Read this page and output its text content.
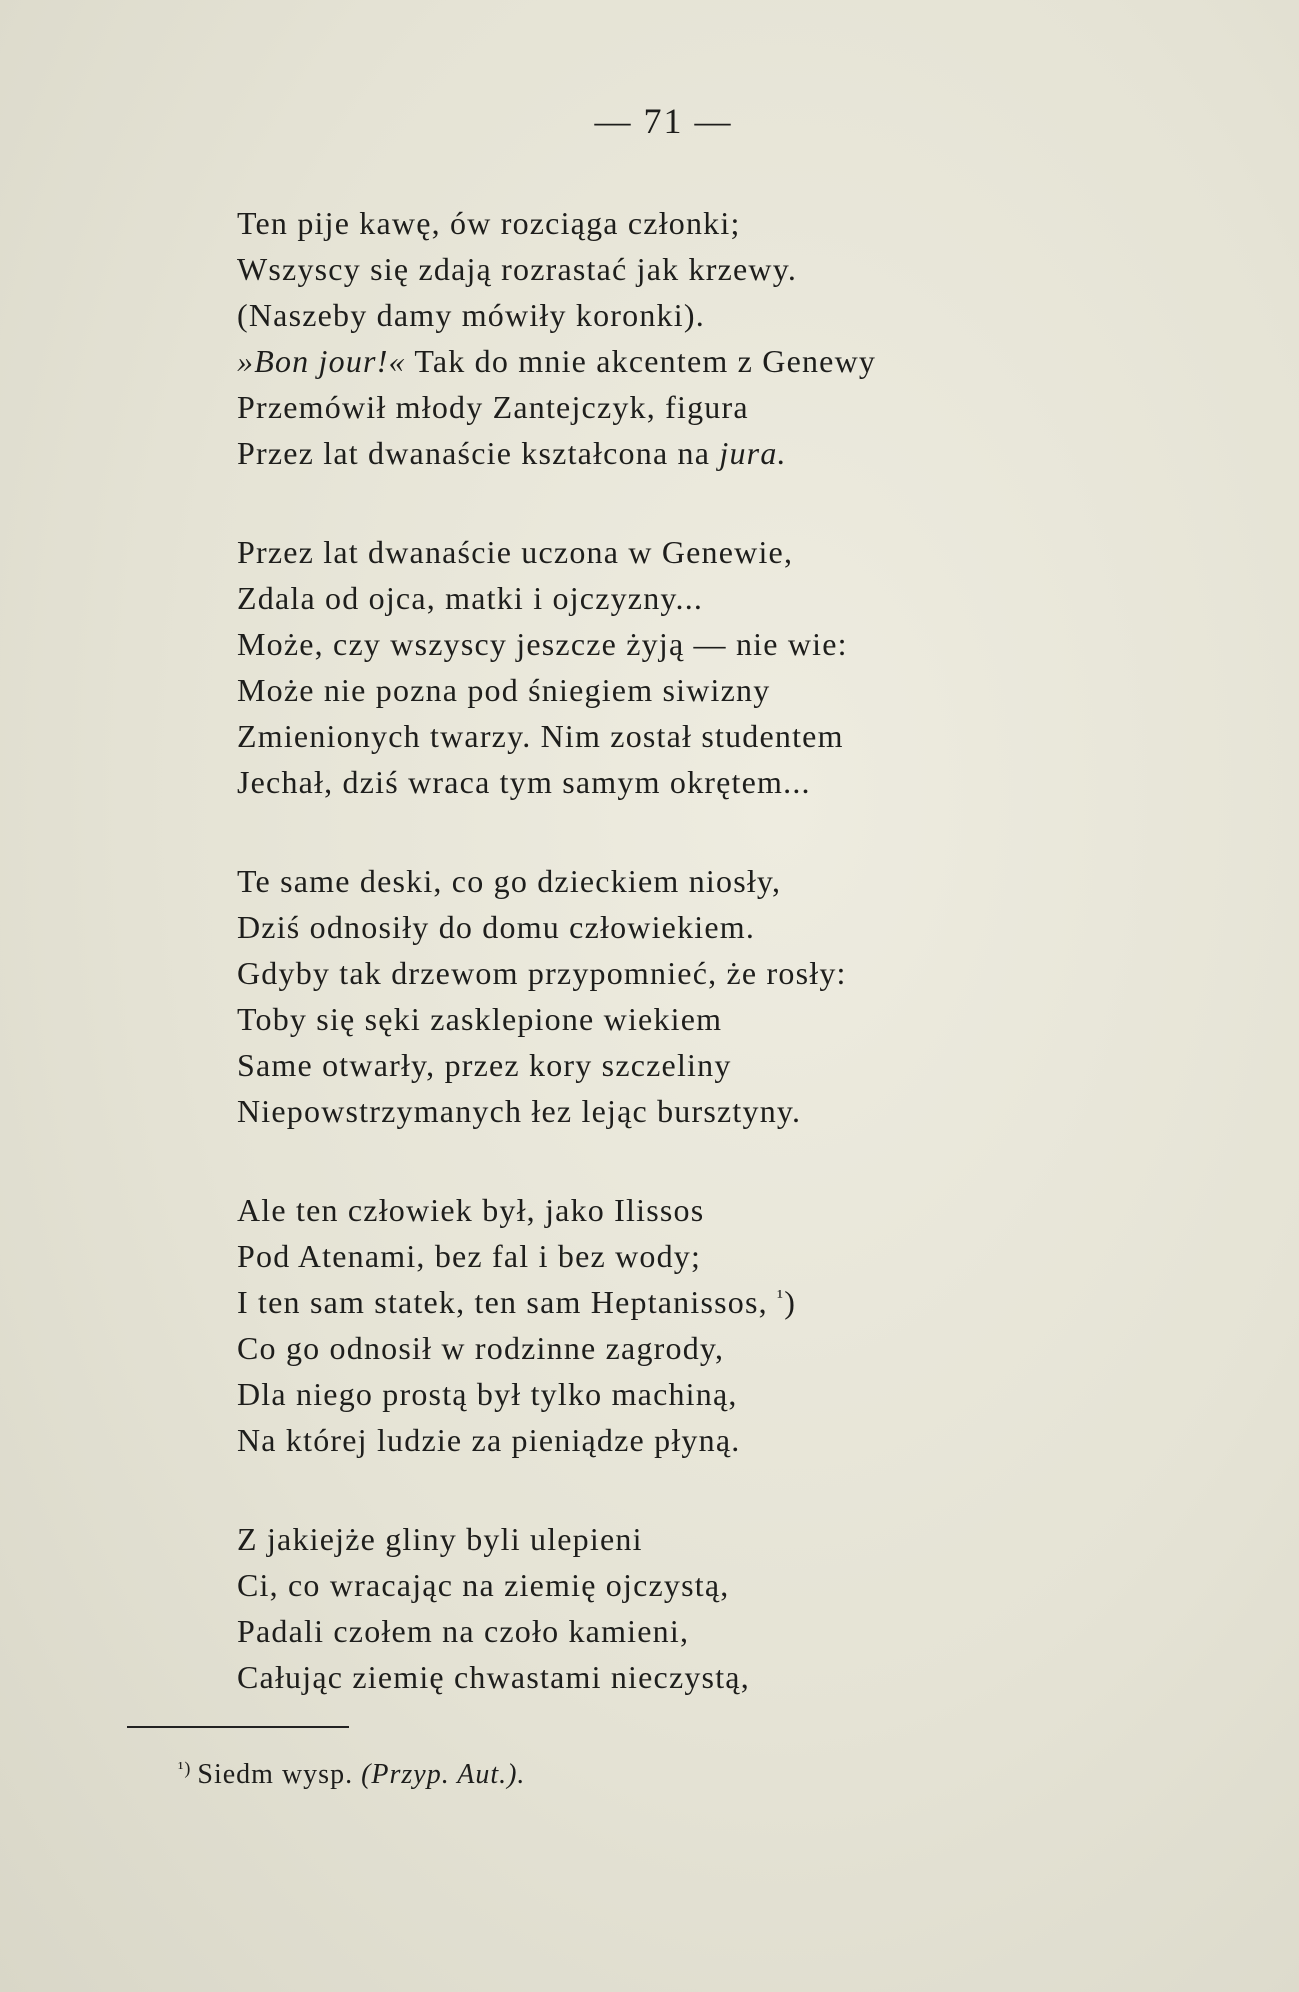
— 71 —
Ten pije kawę, ów rozciąga członki;
Wszyscy się zdają rozrastać jak krzewy.
(Naszeby damy mówiły koronki).
»Bon jour!« Tak do mnie akcentem z Genewy
Przemówił młody Zantejczyk, figura
Przez lat dwanaście kształcona na jura.
Przez lat dwanaście uczona w Genewie,
Zdala od ojca, matki i ojczyzny...
Może, czy wszyscy jeszcze żyją — nie wie:
Może nie pozna pod śniegiem siwizny
Zmienionych twarzy. Nim został studentem
Jechał, dziś wraca tym samym okrętem...
Te same deski, co go dzieckiem niosły,
Dziś odnosiły do domu człowiekiem.
Gdyby tak drzewom przypomnieć, że rosły:
Toby się sęki zasklepione wiekiem
Same otwarły, przez kory szczeliny
Niepowstrzymanych łez lejąc bursztyny.
Ale ten człowiek był, jako Ilissos
Pod Atenami, bez fal i bez wody;
I ten sam statek, ten sam Heptanissos, $^{^1}$)
Co go odnosił w rodzinne zagrody,
Dla niego prostą był tylko machiną,
Na której ludzie za pieniądze płyną.
Z jakiejże gliny byli ulepieni
Ci, co wracając na ziemię ojczystą,
Padali czołem na czoło kamieni,
Całując ziemię chwastami nieczystą,
$^{^1)}$ Siedm wysp. (Przyp. Aut.).
